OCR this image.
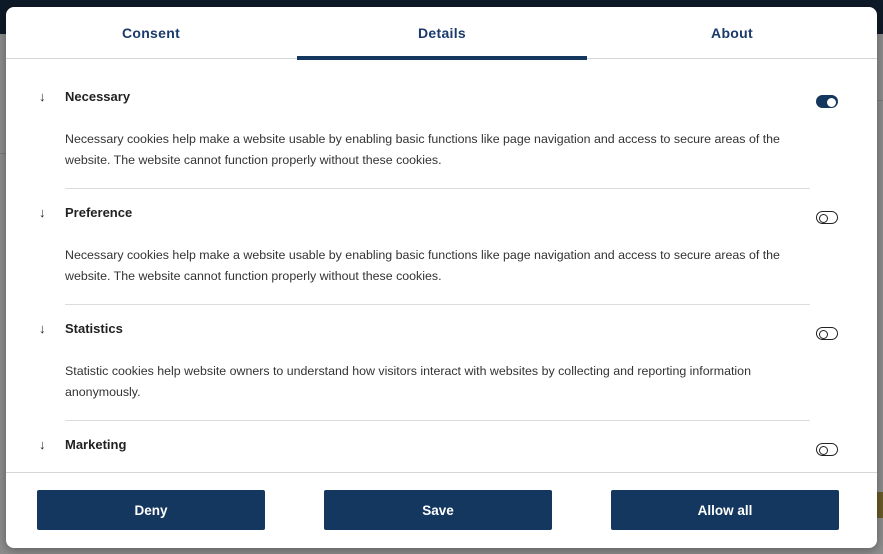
Consent	Details	About
↓ Necessary
Necessary cookies help make a website usable by enabling basic functions like page navigation and access to secure areas of the website. The website cannot function properly without these cookies.
↓ Preference
Necessary cookies help make a website usable by enabling basic functions like page navigation and access to secure areas of the website. The website cannot function properly without these cookies.
↓ Statistics
Statistic cookies help website owners to understand how visitors interact with websites by collecting and reporting information anonymously.
↓ Marketing
Deny	Save	Allow all
